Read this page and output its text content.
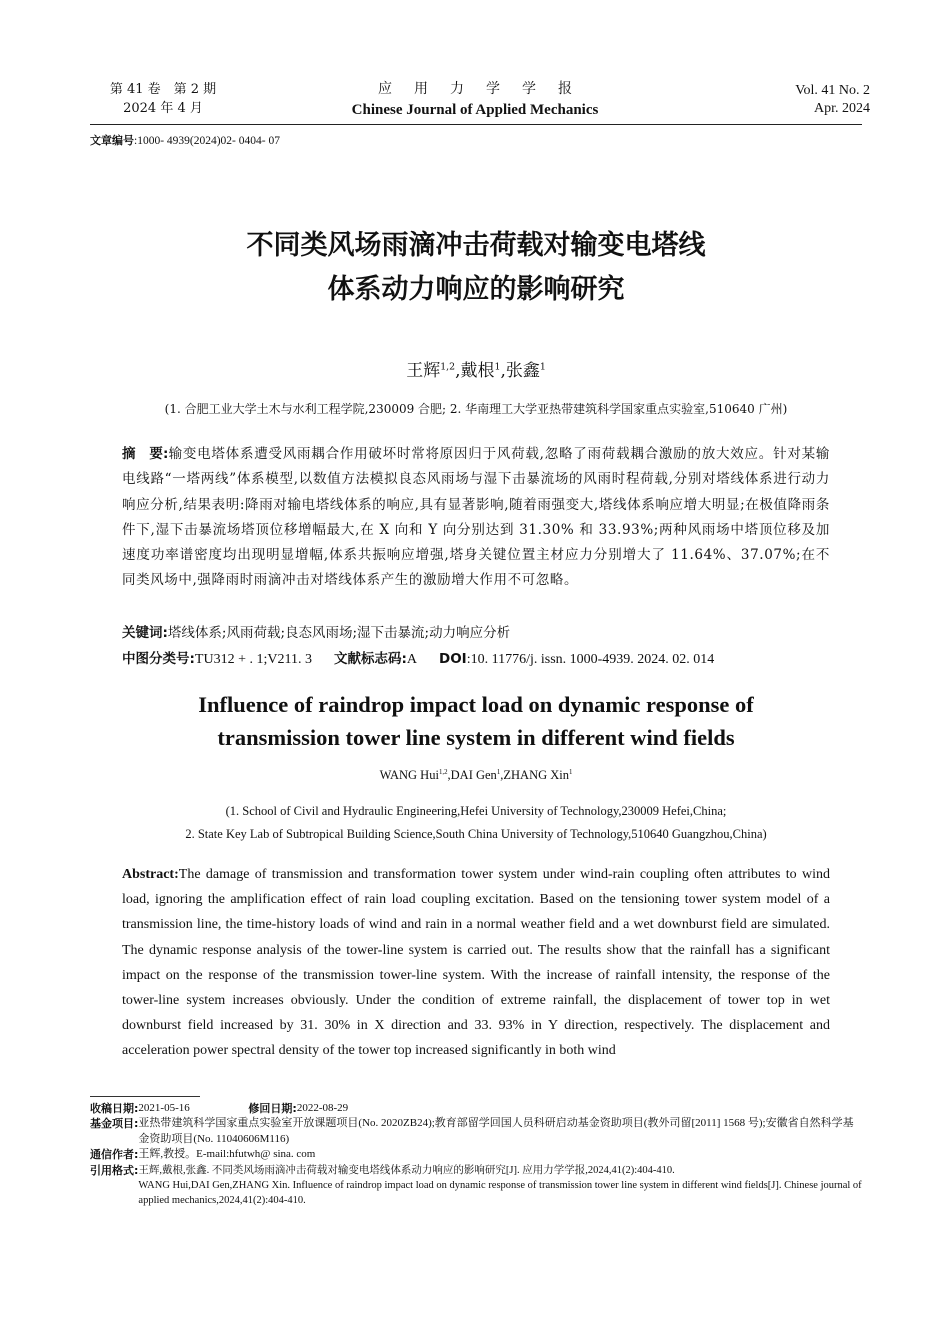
第 41 卷　第 2 期
2024 年 4 月
应用力学学报
Chinese Journal of Applied Mechanics
Vol. 41 No. 2
Apr. 2024
文章编号:1000- 4939(2024)02- 0404- 07
不同类风场雨滴冲击荷载对输变电塔线
体系动力响应的影响研究
王辉$^{1,2}$,戴根$^1$,张鑫$^1$
(1. 合肥工业大学土木与水利工程学院,230009 合肥; 2. 华南理工大学亚热带建筑科学国家重点实验室,510640 广州)
摘　要:输变电塔体系遭受风雨耦合作用破坏时常将原因归于风荷载,忽略了雨荷载耦合激励的放大效应。针对某输电线路“一塔两线”体系模型,以数值方法模拟良态风雨场与湿下击暴流场的风雨时程荷载,分别对塔线体系进行动力响应分析,结果表明:降雨对输电塔线体系的响应,具有显著影响,随着雨强变大,塔线体系响应增大明显;在极值降雨条件下,湿下击暴流场塔顶位移增幅最大,在 X 向和 Y 向分别达到 31.30% 和 33.93%;两种风雨场中塔顶位移及加速度功率谱密度均出现明显增幅,体系共振响应增强,塔身关键位置主材应力分别增大了 11.64%、37.07%;在不同类风场中,强降雨时雨滴冲击对塔线体系产生的激励增大作用不可忽略。
关键词:塔线体系;风雨荷载;良态风雨场;湿下击暴流;动力响应分析
中图分类号:TU312 + . 1;V211. 3 文献标志码:A DOI:10. 11776/j. issn. 1000-4939. 2024. 02. 014
Influence of raindrop impact load on dynamic response of
transmission tower line system in different wind fields
WANG Hui$^{1,2}$,DAI Gen$^1$,ZHANG Xin$^1$
(1. School of Civil and Hydraulic Engineering,Hefei University of Technology,230009 Hefei,China;
2. State Key Lab of Subtropical Building Science,South China University of Technology,510640 Guangzhou,China)
Abstract:The damage of transmission and transformation tower system under wind-rain coupling often attributes to wind load, ignoring the amplification effect of rain load coupling excitation. Based on the tensioning tower system model of a transmission line, the time-history loads of wind and rain in a normal weather field and a wet downburst field are simulated. The dynamic response analysis of the tower-line system is carried out. The results show that the rainfall has a significant impact on the response of the transmission tower-line system. With the increase of rainfall intensity, the response of the tower-line system increases obviously. Under the condition of extreme rainfall, the displacement of tower top in wet downburst field increased by 31. 30% in X direction and 33. 93% in Y direction, respectively. The displacement and acceleration power spectral density of the tower top increased significantly in both wind
收稿日期: 2021-05-16	修回日期: 2022-08-29
基金项目: 亚热带建筑科学国家重点实验室开放课题项目(No. 2020ZB24);教育部留学回国人员科研启动基金资助项目(教外司留[2011] 1568 号);安徽省自然科学基金资助项目(No. 11040606M116)
通信作者: 王辉,教授。E-mail:hfutwh@ sina. com
引用格式: 王辉,戴根,张鑫. 不同类风场雨滴冲击荷载对输变电塔线体系动力响应的影响研究[J]. 应用力学学报,2024,41(2):404-410.
WANG Hui,DAI Gen,ZHANG Xin. Influence of raindrop impact load on dynamic response of transmission tower line system in different wind fields[J]. Chinese journal of applied mechanics,2024,41(2):404-410.
